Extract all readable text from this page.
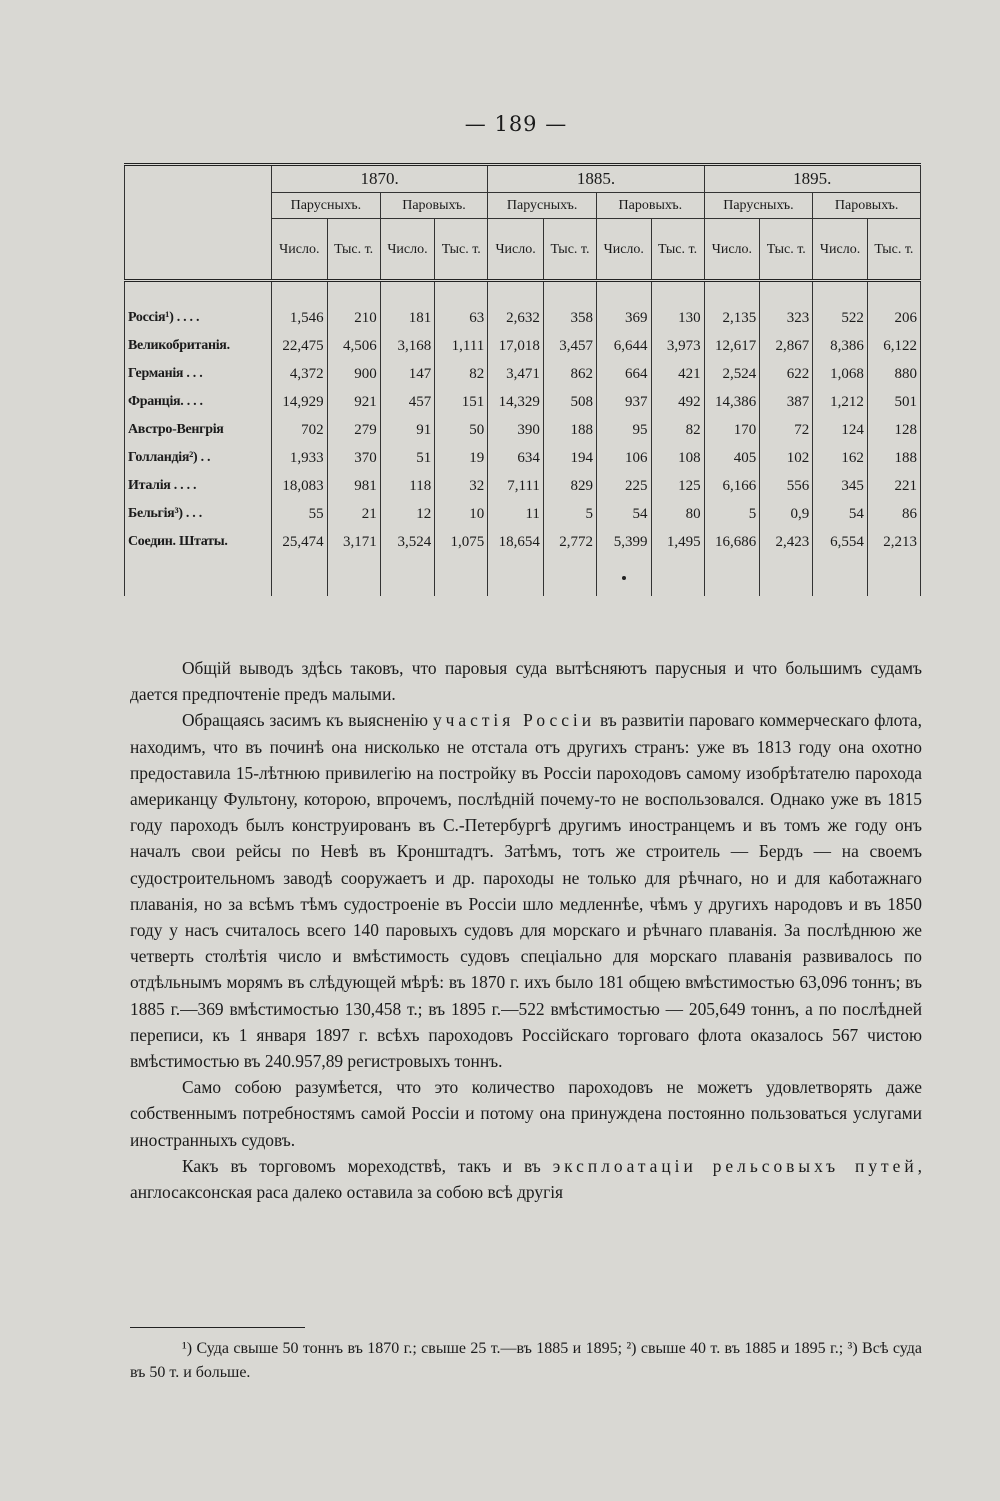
— 189 —
	1870.				1885.				1895.			
	Парусныхъ.		Паровыхъ.		Парусныхъ.		Паровыхъ.		Парусныхъ.		Паровыхъ.	
	Число.	Тыс. т.	Число.	Тыс. т.	Число.	Тыс. т.	Число.	Тыс. т.	Число.	Тыс. т.	Число.	Тыс. т.

Россія¹) . . . .	1,546	210	181	63	2,632	358	369	130	2,135	323	522	206
Великобританія.	22,475	4,506	3,168	1,111	17,018	3,457	6,644	3,973	12,617	2,867	8,386	6,122
Германія . . .	4,372	900	147	82	3,471	862	664	421	2,524	622	1,068	880
Франція. . . .	14,929	921	457	151	14,329	508	937	492	14,386	387	1,212	501
Австро-Венгрія	702	279	91	50	390	188	95	82	170	72	124	128
Голландія²) . .	1,933	370	51	19	634	194	106	108	405	102	162	188
Италія . . . .	18,083	981	118	32	7,111	829	225	125	6,166	556	345	221
Бельгія³) . . .	55	21	12	10	11	5	54	80	5	0,9	54	86
Соедин. Штаты.	25,474	3,171	3,524	1,075	18,654	2,772	5,399	1,495	16,686	2,423	6,554	2,213

Общій выводъ здѣсь таковъ, что паровыя суда вытѣсняютъ парусныя и что большимъ судамъ дается предпочтеніе предъ малыми.

Обращаясь засимъ къ выясненію участія Россіи въ развитіи пароваго коммерческаго флота, находимъ, что въ починѣ она нисколько не отстала отъ другихъ странъ: уже въ 1813 году она охотно предоставила 15-лѣтнюю привилегію на постройку въ Россіи пароходовъ самому изобрѣтателю парохода американцу Фультону, которою, впрочемъ, послѣдній почему-то не воспользовался. Однако уже въ 1815 году пароходъ былъ конструированъ въ С.-Петербургѣ другимъ иностранцемъ и въ томъ же году онъ началъ свои рейсы по Невѣ въ Кронштадтъ. Затѣмъ, тотъ же строитель — Бердъ — на своемъ судостроительномъ заводѣ сооружаетъ и др. пароходы не только для рѣчнаго, но и для каботажнаго плаванія, но за всѣмъ тѣмъ судостроеніе въ Россіи шло медленнѣе, чѣмъ у другихъ народовъ и въ 1850 году у насъ считалось всего 140 паровыхъ судовъ для морскаго и рѣчнаго плаванія. За послѣднюю же четверть столѣтія число и вмѣстимость судовъ спеціально для морскаго плаванія развивалось по отдѣльнымъ морямъ въ слѣдующей мѣрѣ: въ 1870 г. ихъ было 181 общею вмѣстимостью 63,096 тоннъ; въ 1885 г.—369 вмѣстимостью 130,458 т.; въ 1895 г.—522 вмѣстимостью — 205,649 тоннъ, а по послѣдней переписи, къ 1 января 1897 г. всѣхъ пароходовъ Россійскаго торговаго флота оказалось 567 чистою вмѣстимостью въ 240.957,89 регистровыхъ тоннъ.

Само собою разумѣется, что это количество пароходовъ не можетъ удовлетворять даже собственнымъ потребностямъ самой Россіи и потому она принуждена постоянно пользоваться услугами иностранныхъ судовъ.

Какъ въ торговомъ мореходствѣ, такъ и въ эксплоатаціи рельсовыхъ путей, англосаксонская раса далеко оставила за собою всѣ другія

¹) Суда свыше 50 тоннъ въ 1870 г.; свыше 25 т.—въ 1885 и 1895; ²) свыше 40 т. въ 1885 и 1895 г.; ³) Всѣ суда въ 50 т. и больше.
